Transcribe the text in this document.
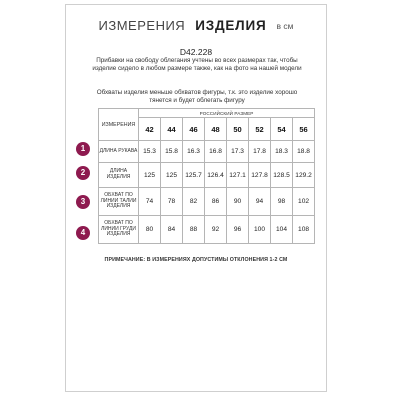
ИЗМЕРЕНИЯ ИЗДЕЛИЯ в см
D42.228
Прибавки на свободу облегания учтены во всех размерах так, чтобы изделие сидело в любом размере также, как на фото на нашей модели
Обхваты изделия меньше обхватов фигуры, т.к. это изделие хорошо тянется и будет облегать фигуру
1
2
3
4
ИЗМЕРЕНИЯ	РОССИЙСКИЙ РАЗМЕР							
	42	44	46	48	50	52	54	56
ДЛИНА РУКАВА	15.3	15.8	16.3	16.8	17.3	17.8	18.3	18.8
ДЛИНА ИЗДЕЛИЯ	125	125	125.7	126.4	127.1	127.8	128.5	129.2
ОБХВАТ ПО ЛИНИИ ТАЛИИ ИЗДЕЛИЯ	74	78	82	86	90	94	98	102
ОБХВАТ ПО ЛИНИИ ГРУДИ ИЗДЕЛИЯ	80	84	88	92	96	100	104	108
ПРИМЕЧАНИЕ: В ИЗМЕРЕНИЯХ ДОПУСТИМЫ ОТКЛОНЕНИЯ 1-2 СМ
